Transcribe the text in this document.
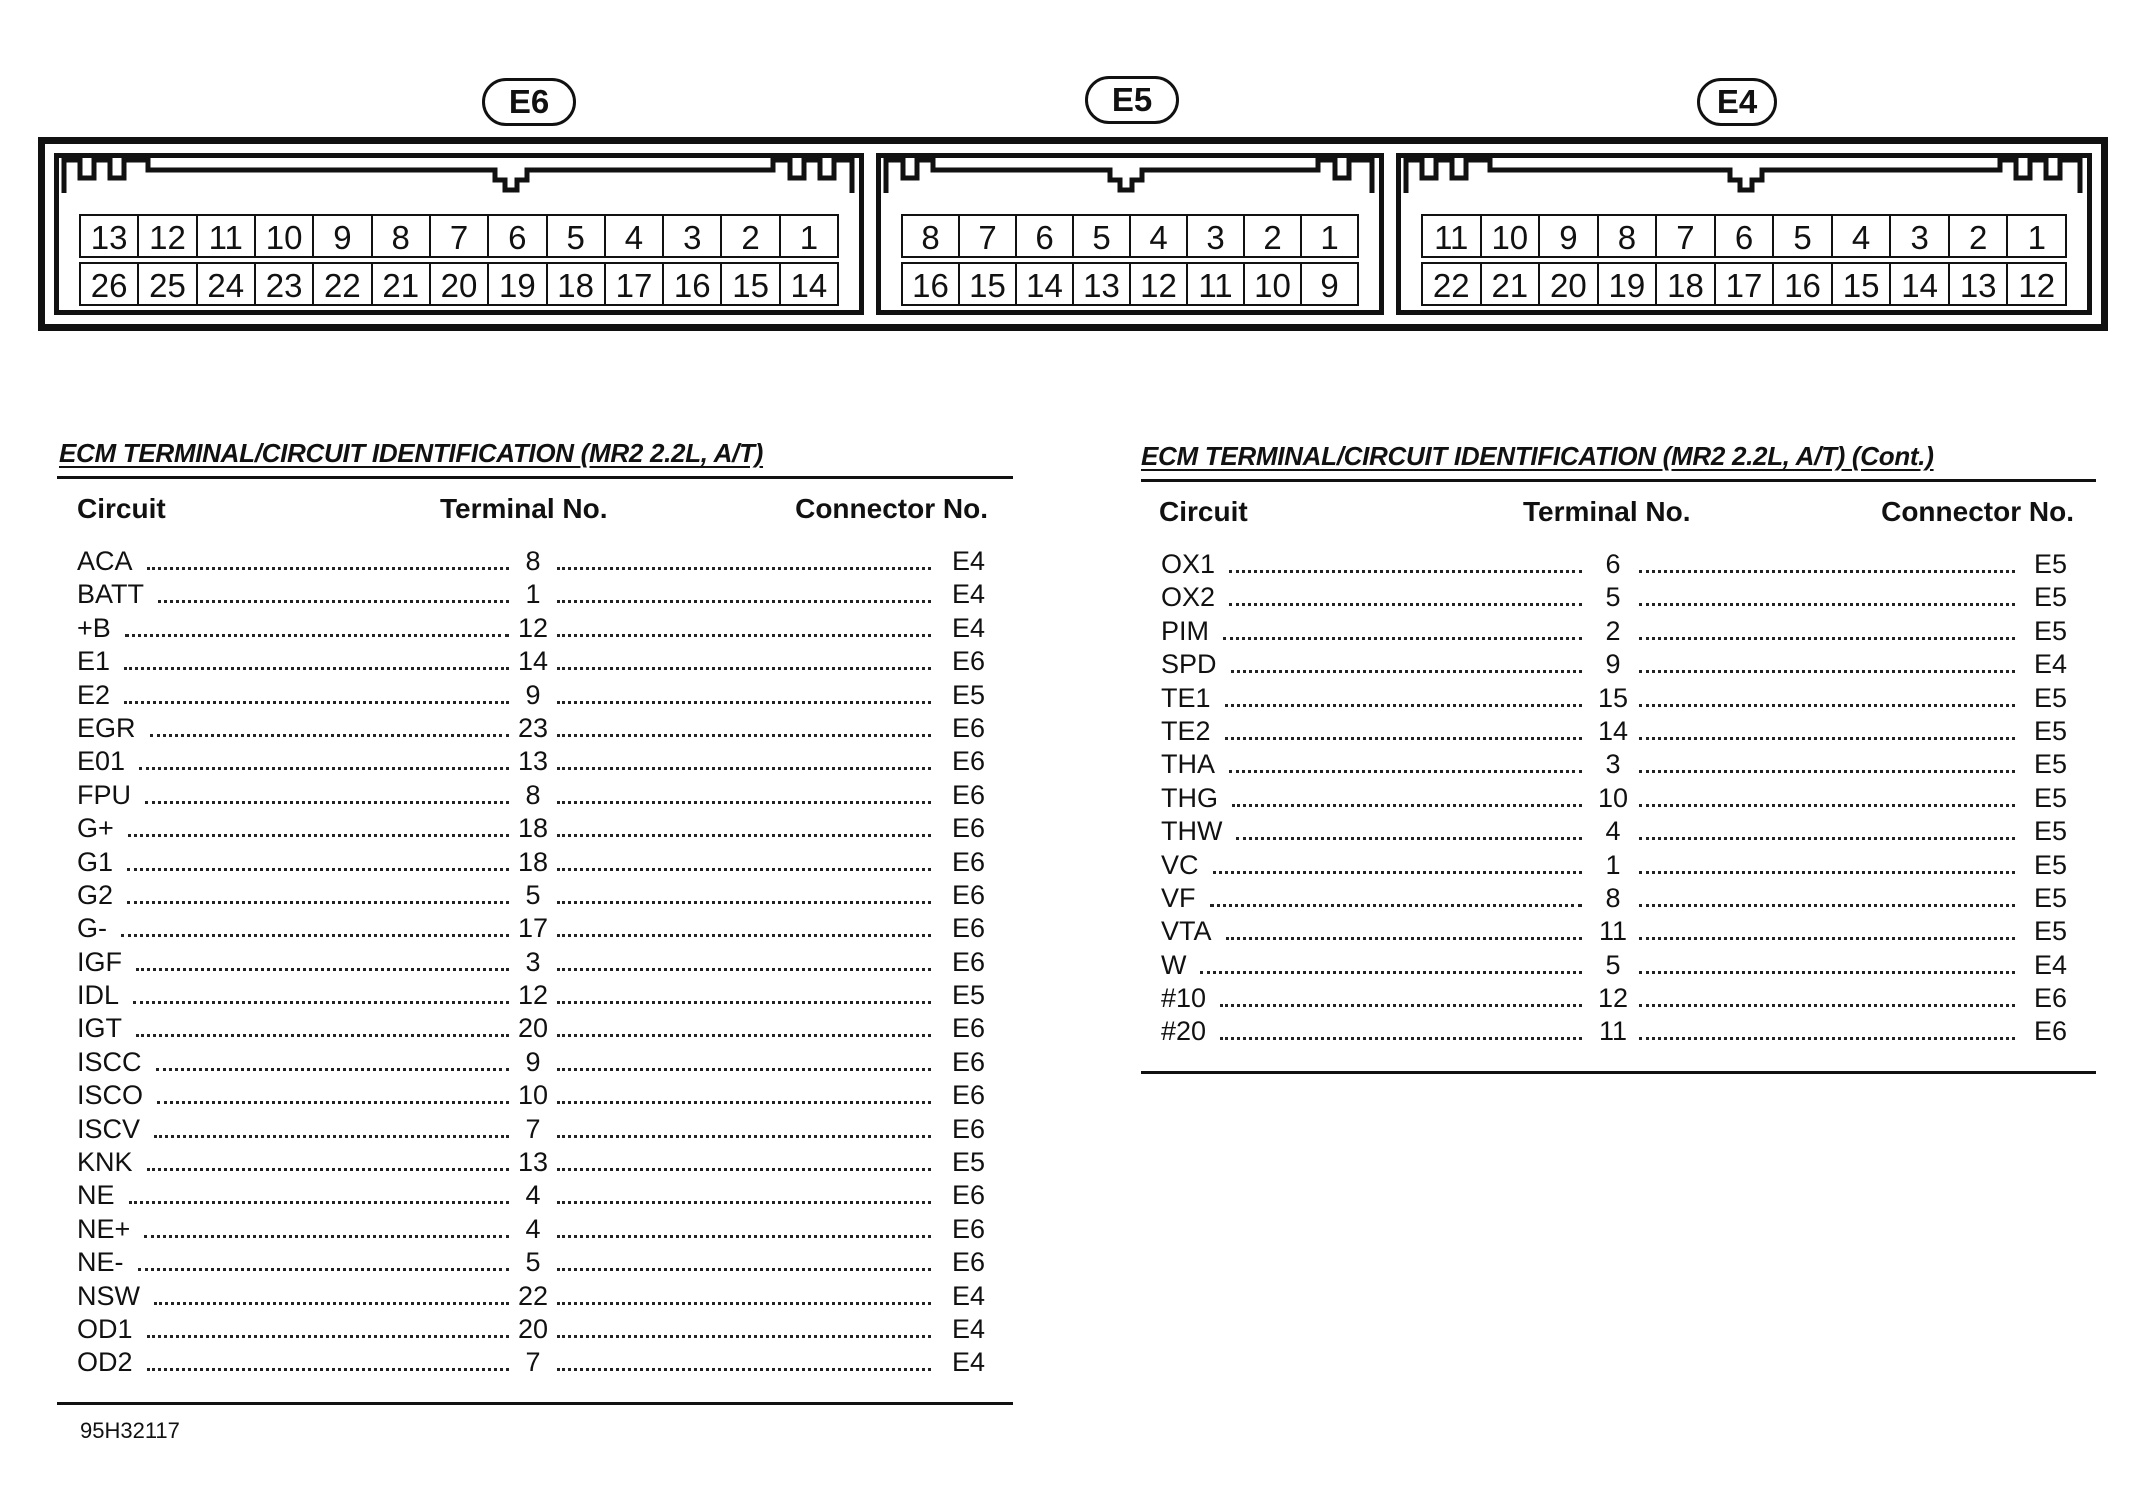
E6	E5	E4
13 12 11 10 9	8	7	6	5	4	3	2	1
26 25 24 23 22 21 20 19 18 17 16 15 14
8	7	6	5	4	3	2	1
16 15 14 13 12 11 10 9
11 10 9	8	7	6	5	4	3	2	1
22 21 20 19 18 17 16 15 14 13 12
ECM TERMINAL/CIRCUIT IDENTIFICATION (MR2 2.2L, A/T)
Circuit	Terminal No.	Connector No.
ACA	8	E4
BATT	1	E4
+B	12	E4
E1	14	E6
E2	9	E5
EGR	23	E6
E01	13	E6
FPU	8	E6
G+	18	E6
G1	18	E6
G2	5	E6
G-	17	E6
IGF	3	E6
IDL	12	E5
IGT	20	E6
ISCC	9	E6
ISCO	10	E6
ISCV	7	E6
KNK	13	E5
NE	4	E6
NE+	4	E6
NE-	5	E6
NSW	22	E4
OD1	20	E4
OD2	7	E4
ECM TERMINAL/CIRCUIT IDENTIFICATION (MR2 2.2L, A/T) (Cont.)
Circuit	Terminal No.	Connector No.
OX1	6	E5
OX2	5	E5
PIM	2	E5
SPD	9	E4
TE1	15	E5
TE2	14	E5
THA	3	E5
THG	10	E5
THW	4	E5
VC	1	E5
VF	8	E5
VTA	11	E5
W	5	E4
#10	12	E6
#20	11	E6
95H32117
